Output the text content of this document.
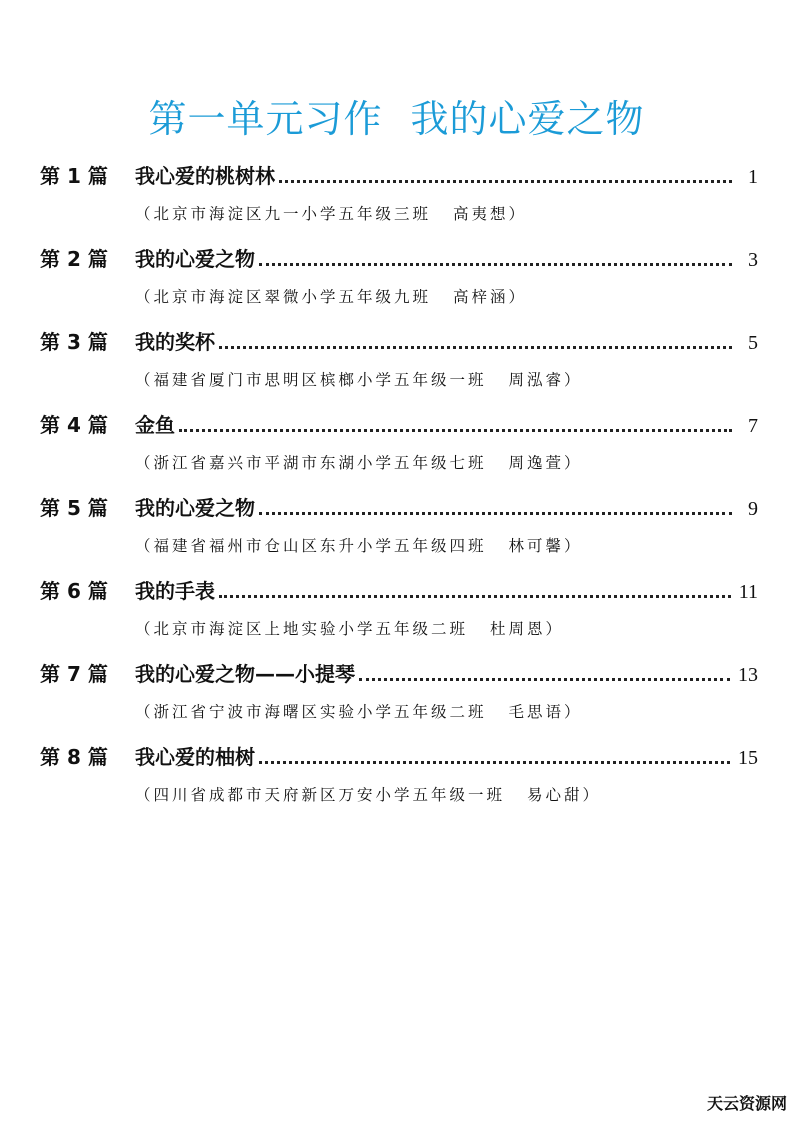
第一单元习作 我的心爱之物
第 1 篇	我心爱的桃树林	1
（北京市海淀区九一小学五年级三班 高夷想）
第 2 篇	我的心爱之物	3
（北京市海淀区翠微小学五年级九班 高梓涵）
第 3 篇	我的奖杯	5
（福建省厦门市思明区槟榔小学五年级一班 周泓睿）
第 4 篇	金鱼	7
（浙江省嘉兴市平湖市东湖小学五年级七班 周逸萱）
第 5 篇	我的心爱之物	9
（福建省福州市仓山区东升小学五年级四班 林可馨）
第 6 篇	我的手表	11
（北京市海淀区上地实验小学五年级二班 杜周恩）
第 7 篇	我的心爱之物——小提琴	13
（浙江省宁波市海曙区实验小学五年级二班 毛思语）
第 8 篇	我心爱的柚树	15
（四川省成都市天府新区万安小学五年级一班 易心甜）
天云资源网
